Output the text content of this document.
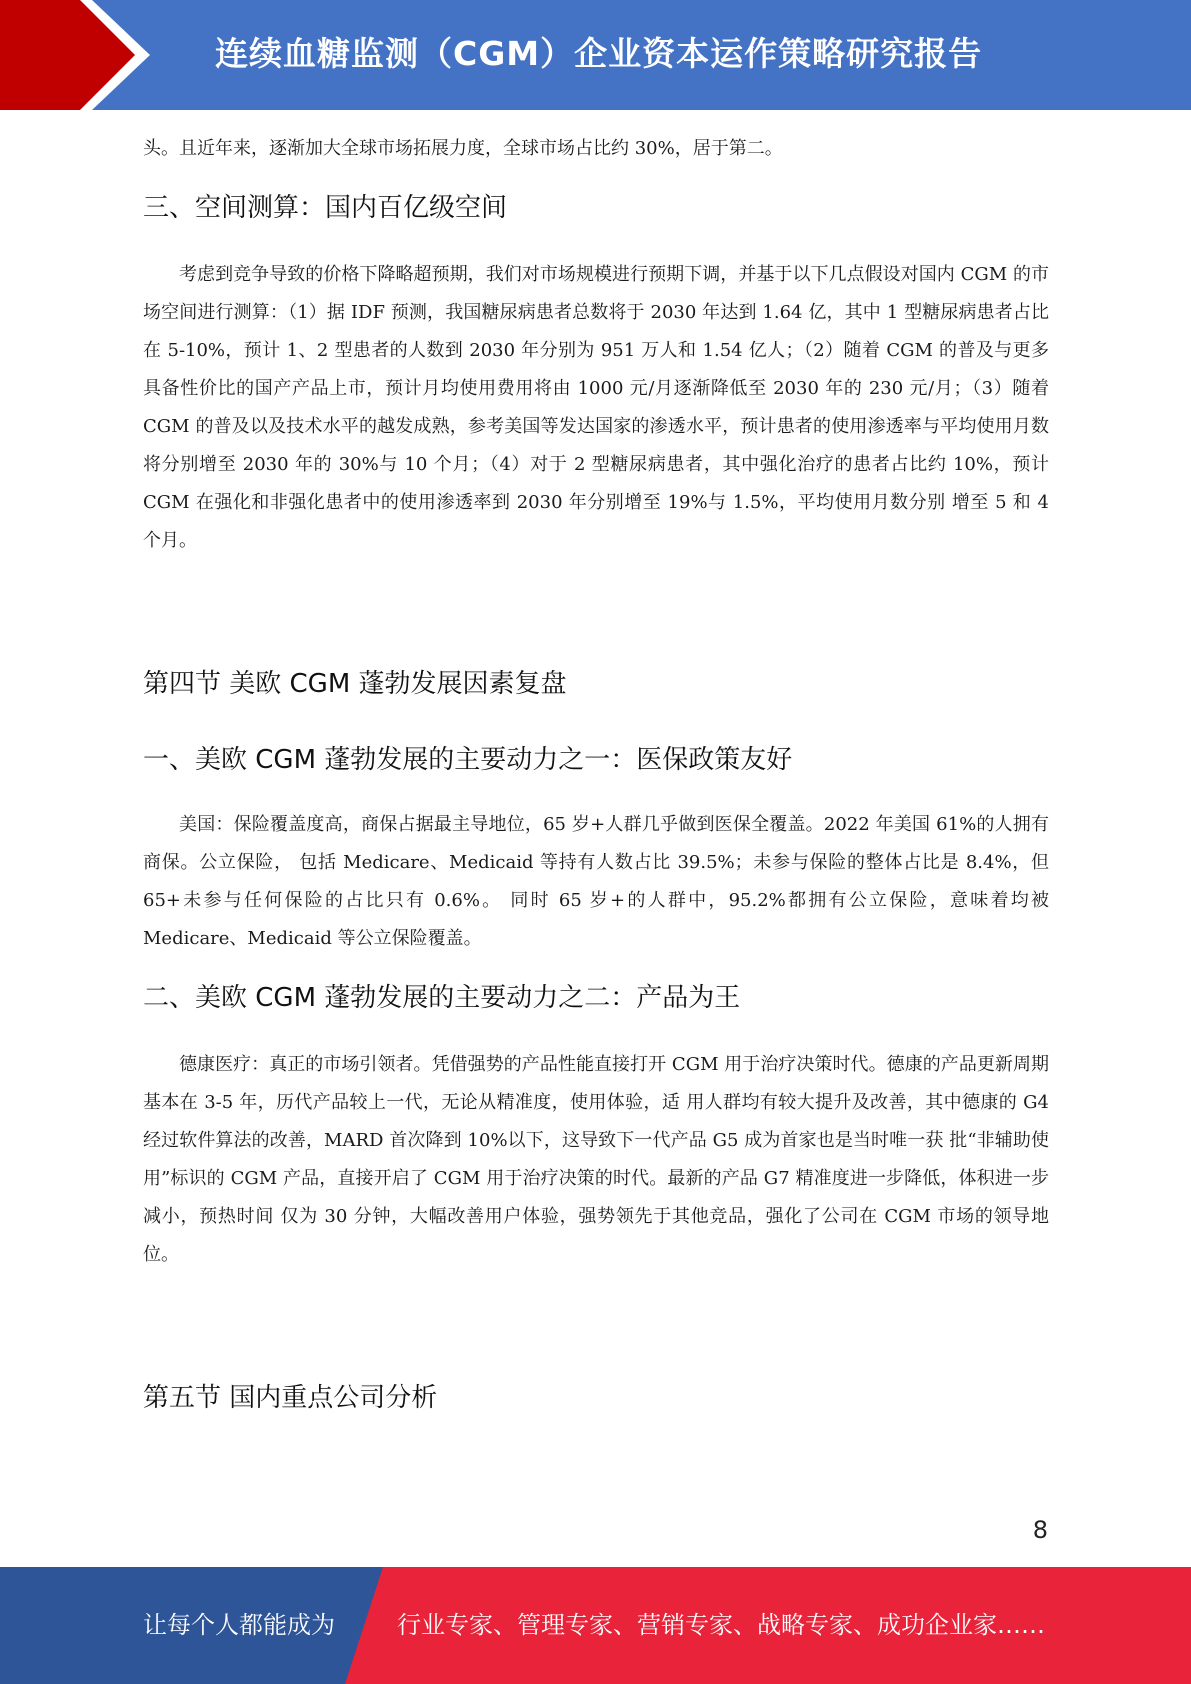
连续血糖监测（CGM）企业资本运作策略研究报告

头。且近年来，逐渐加大全球市场拓展力度，全球市场占比约 30%，居于第二。

三、空间测算：国内百亿级空间

考虑到竞争导致的价格下降略超预期，我们对市场规模进行预期下调，并基于以下几点假设对国内 CGM 的市场空间进行测算：（1）据 IDF 预测，我国糖尿病患者总数将于 2030 年达到 1.64 亿，其中 1 型糖尿病患者占比在 5-10%，预计 1、2 型患者的人数到 2030 年分别为 951 万人和 1.54 亿人；（2）随着 CGM 的普及与更多具备性价比的国产产品上市，预计月均使用费用将由 1000 元/月逐渐降低至 2030 年的 230 元/月；（3）随着 CGM 的普及以及技术水平的越发成熟，参考美国等发达国家的渗透水平，预计患者的使用渗透率与平均使用月数将分别增至 2030 年的 30%与 10 个月；（4）对于 2 型糖尿病患者，其中强化治疗的患者占比约 10%，预计 CGM 在强化和非强化患者中的使用渗透率到 2030 年分别增至 19%与 1.5%，平均使用月数分别 增至 5 和 4 个月。

第四节 美欧 CGM 蓬勃发展因素复盘
一、美欧 CGM 蓬勃发展的主要动力之一：医保政策友好

美国：保险覆盖度高，商保占据最主导地位，65 岁+人群几乎做到医保全覆盖。2022 年美国 61%的人拥有商保。公立保险， 包括 Medicare、Medicaid 等持有人数占比 39.5%；未参与保险的整体占比是 8.4%，但 65+未参与任何保险的占比只有 0.6%。 同时 65 岁+的人群中，95.2%都拥有公立保险，意味着均被 Medicare、Medicaid 等公立保险覆盖。

二、美欧 CGM 蓬勃发展的主要动力之二：产品为王

德康医疗：真正的市场引领者。凭借强势的产品性能直接打开 CGM 用于治疗决策时代。德康的产品更新周期基本在 3-5 年，历代产品较上一代，无论从精准度，使用体验，适 用人群均有较大提升及改善，其中德康的 G4 经过软件算法的改善，MARD 首次降到 10%以下，这导致下一代产品 G5 成为首家也是当时唯一获 批“非辅助使用”标识的 CGM 产品，直接开启了 CGM 用于治疗决策的时代。最新的产品 G7 精准度进一步降低，体积进一步减小，预热时间 仅为 30 分钟，大幅改善用户体验，强势领先于其他竞品，强化了公司在 CGM 市场的领导地位。

第五节 国内重点公司分析
8
让每个人都能成为	行业专家、管理专家、营销专家、战略专家、成功企业家……
